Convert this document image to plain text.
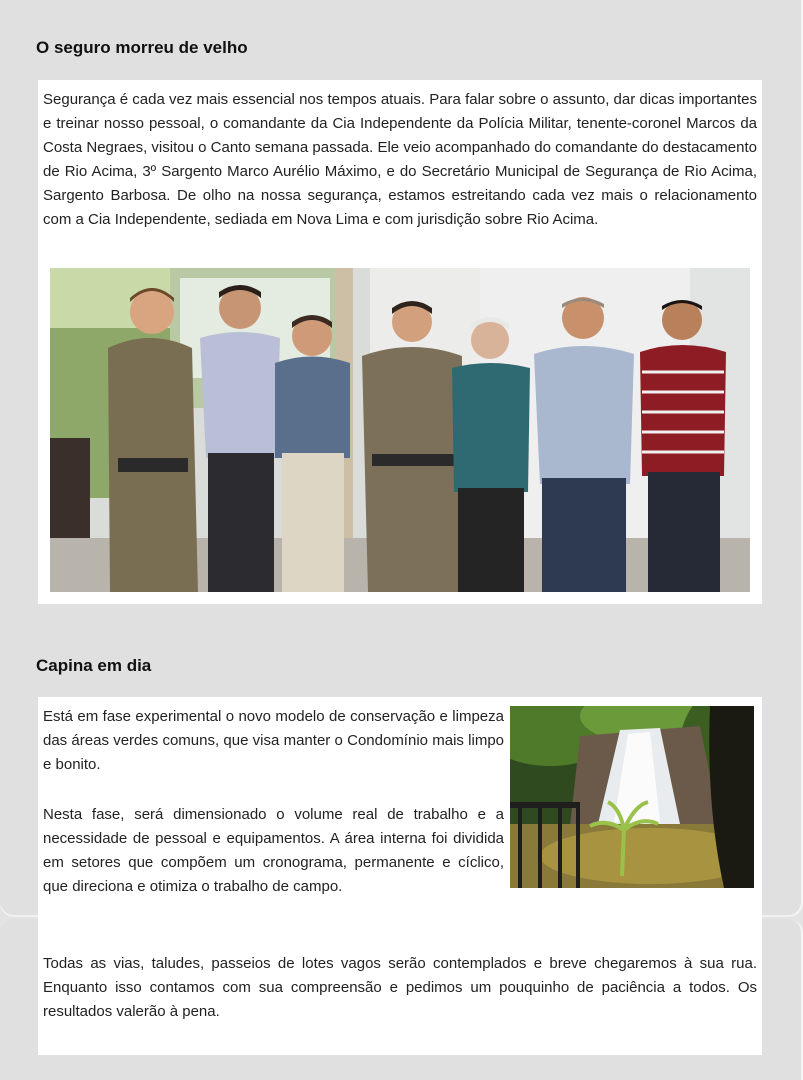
O seguro morreu de velho

Segurança é cada vez mais essencial nos tempos atuais. Para falar sobre o assunto, dar dicas importantes e treinar nosso pessoal, o comandante da Cia Independente da Polícia Militar, tenente-coronel Marcos da Costa Negraes, visitou o Canto semana passada. Ele veio acompanhado do comandante do destacamento de Rio Acima, 3º Sargento Marco Aurélio Máximo, e do Secretário Municipal de Segurança de Rio Acima, Sargento Barbosa. De olho na nossa segurança, estamos estreitando cada vez mais o relacionamento com a Cia Independente, sediada em Nova Lima e com jurisdição sobre Rio Acima.

Capina em dia

Está em fase experimental o novo modelo de conservação e limpeza das áreas verdes comuns, que visa manter o Condomínio mais limpo e bonito.

Nesta fase, será dimensionado o volume real de trabalho e a necessidade de pessoal e equipamentos. A área interna foi dividida em setores que compõem um cronograma, permanente e cíclico, que direciona e otimiza o trabalho de campo.

Todas as vias, taludes, passeios de lotes vagos serão contemplados e breve chegaremos à sua rua. Enquanto isso contamos com sua compreensão e pedimos um pouquinho de paciência a todos. Os resultados valerão à pena.
